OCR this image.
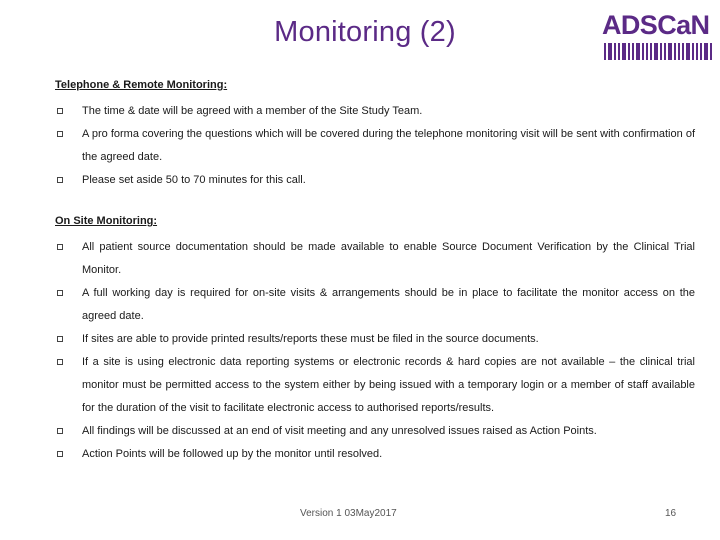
Monitoring (2)	ADSCaN

Telephone & Remote Monitoring:

The time & date will be agreed with a member of the Site Study Team.

A pro forma covering the questions which will be covered during the telephone monitoring visit will be sent with confirmation of the agreed date.

Please set aside 50 to 70 minutes for this call.

On Site Monitoring:

All patient source documentation should be made available to enable Source Document Verification by the Clinical Trial Monitor.

A full working day is required for on-site visits & arrangements should be in place to facilitate the monitor access on the agreed date.

If sites are able to provide printed results/reports these must be filed in the source documents.

If a site is using electronic data reporting systems or electronic records & hard copies are not available – the clinical trial monitor must be permitted access to the system either by being issued with a temporary login or a member of staff available for the duration of the visit to facilitate electronic access to authorised reports/results.

All findings will be discussed at an end of visit meeting and any unresolved issues raised as Action Points.

Action Points will be followed up by the monitor until resolved.

Version 1 03May2017	16
